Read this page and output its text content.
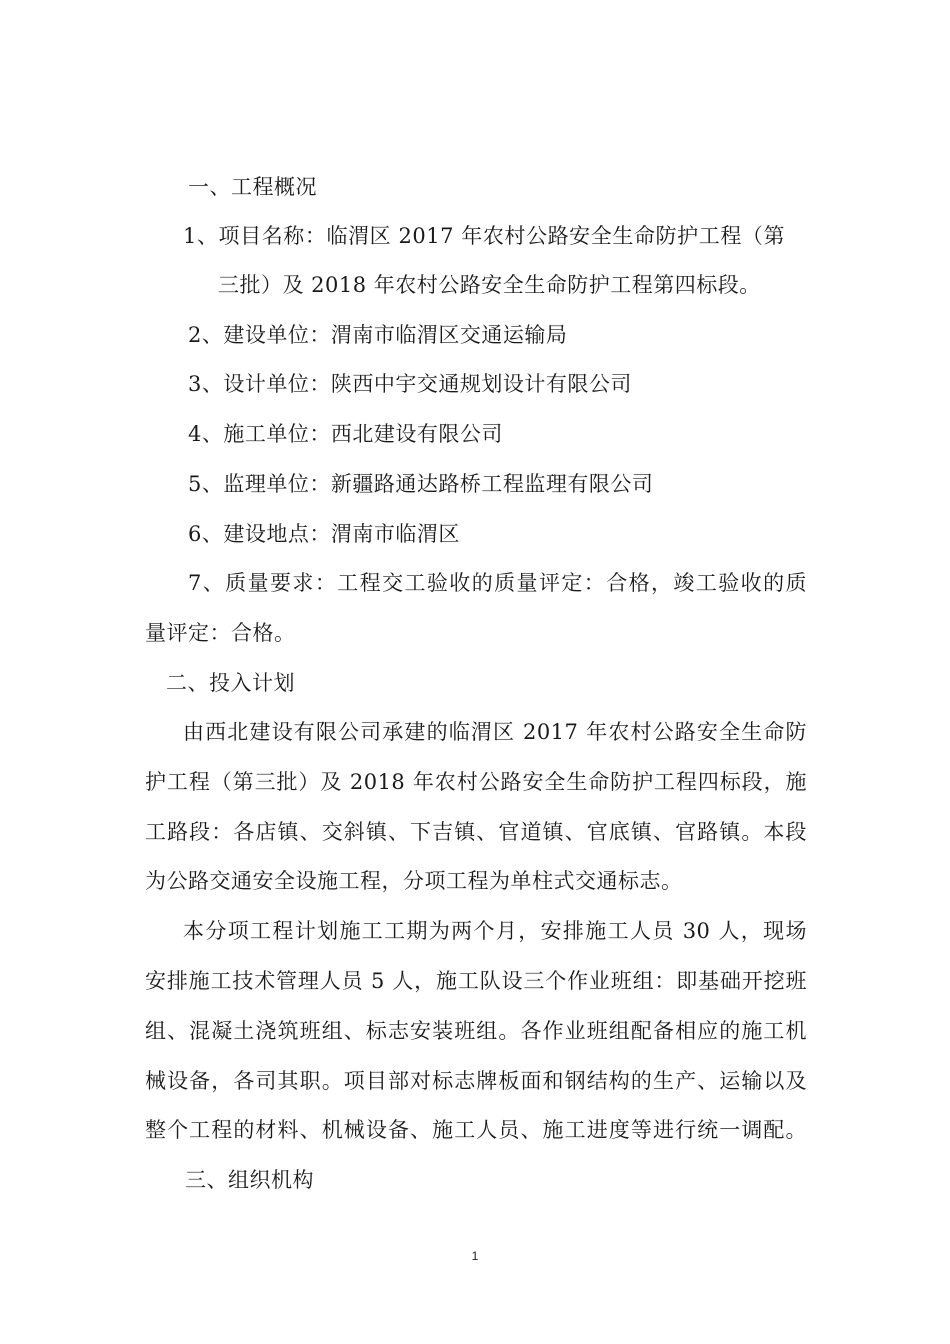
一、工程概况
1、项目名称：临渭区 2017 年农村公路安全生命防护工程（第
三批）及 2018 年农村公路安全生命防护工程第四标段。
2、建设单位：渭南市临渭区交通运输局
3、设计单位：陕西中宇交通规划设计有限公司
4、施工单位：西北建设有限公司
5、监理单位：新疆路通达路桥工程监理有限公司
6、建设地点：渭南市临渭区
7、质量要求：工程交工验收的质量评定：合格，竣工验收的质
量评定：合格。
二、投入计划
由西北建设有限公司承建的临渭区 2017 年农村公路安全生命防
护工程（第三批）及 2018 年农村公路安全生命防护工程四标段，施
工路段：各店镇、交斜镇、下吉镇、官道镇、官底镇、官路镇。本段
为公路交通安全设施工程，分项工程为单柱式交通标志。
本分项工程计划施工工期为两个月，安排施工人员 30 人，现场
安排施工技术管理人员 5 人，施工队设三个作业班组：即基础开挖班
组、混凝土浇筑班组、标志安装班组。各作业班组配备相应的施工机
械设备，各司其职。项目部对标志牌板面和钢结构的生产、运输以及
整个工程的材料、机械设备、施工人员、施工进度等进行统一调配。
三、组织机构
1
